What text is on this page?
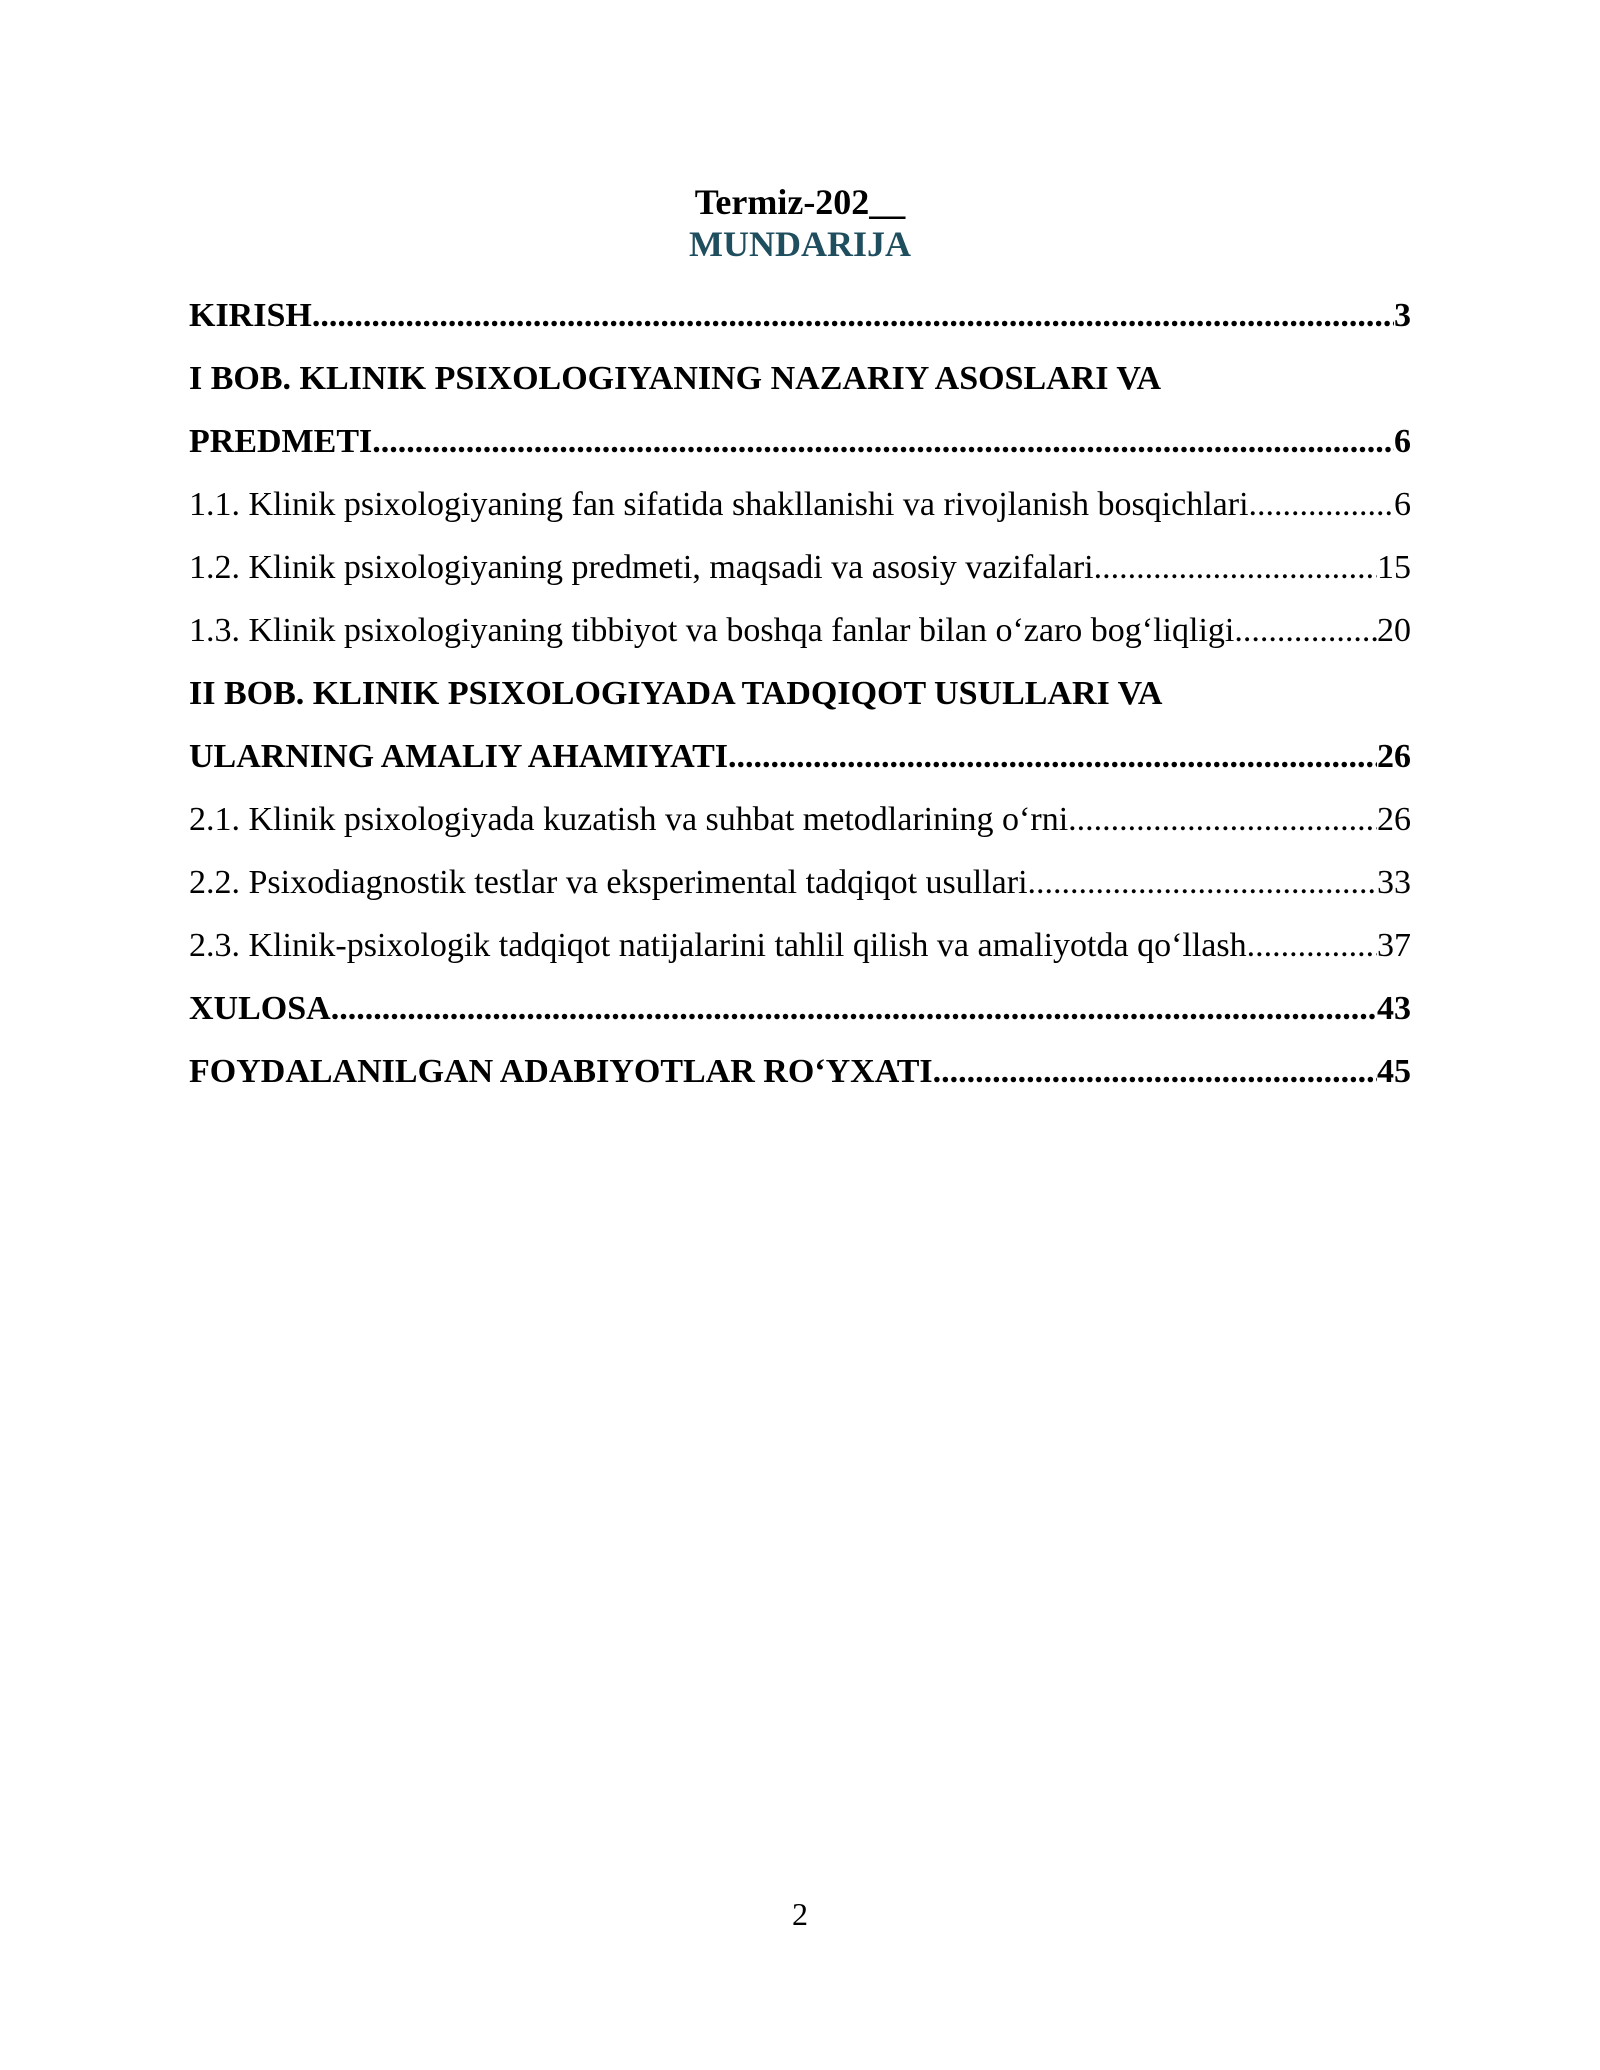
Termiz-202__
MUNDARIJA
KIRISH .....	3
I BOB. KLINIK PSIXOLOGIYANING NAZARIY ASOSLARI VA
PREDMETI .....	6
1.1. Klinik psixologiyaning fan sifatida shakllanishi va rivojlanish bosqichlari .....	6
1.2. Klinik psixologiyaning predmeti, maqsadi va asosiy vazifalari .....	15
1.3. Klinik psixologiyaning tibbiyot va boshqa fanlar bilan o‘zaro bog‘liqligi .....	20
II BOB. KLINIK PSIXOLOGIYADA TADQIQOT USULLARI VA
ULARNING AMALIY AHAMIYATI .....	26
2.1. Klinik psixologiyada kuzatish va suhbat metodlarining o‘rni .....	26
2.2. Psixodiagnostik testlar va eksperimental tadqiqot usullari .....	33
2.3. Klinik-psixologik tadqiqot natijalarini tahlil qilish va amaliyotda qo‘llash .....	37
XULOSA .....	43
FOYDALANILGAN ADABIYOTLAR RO‘YXATI .....	45
2
